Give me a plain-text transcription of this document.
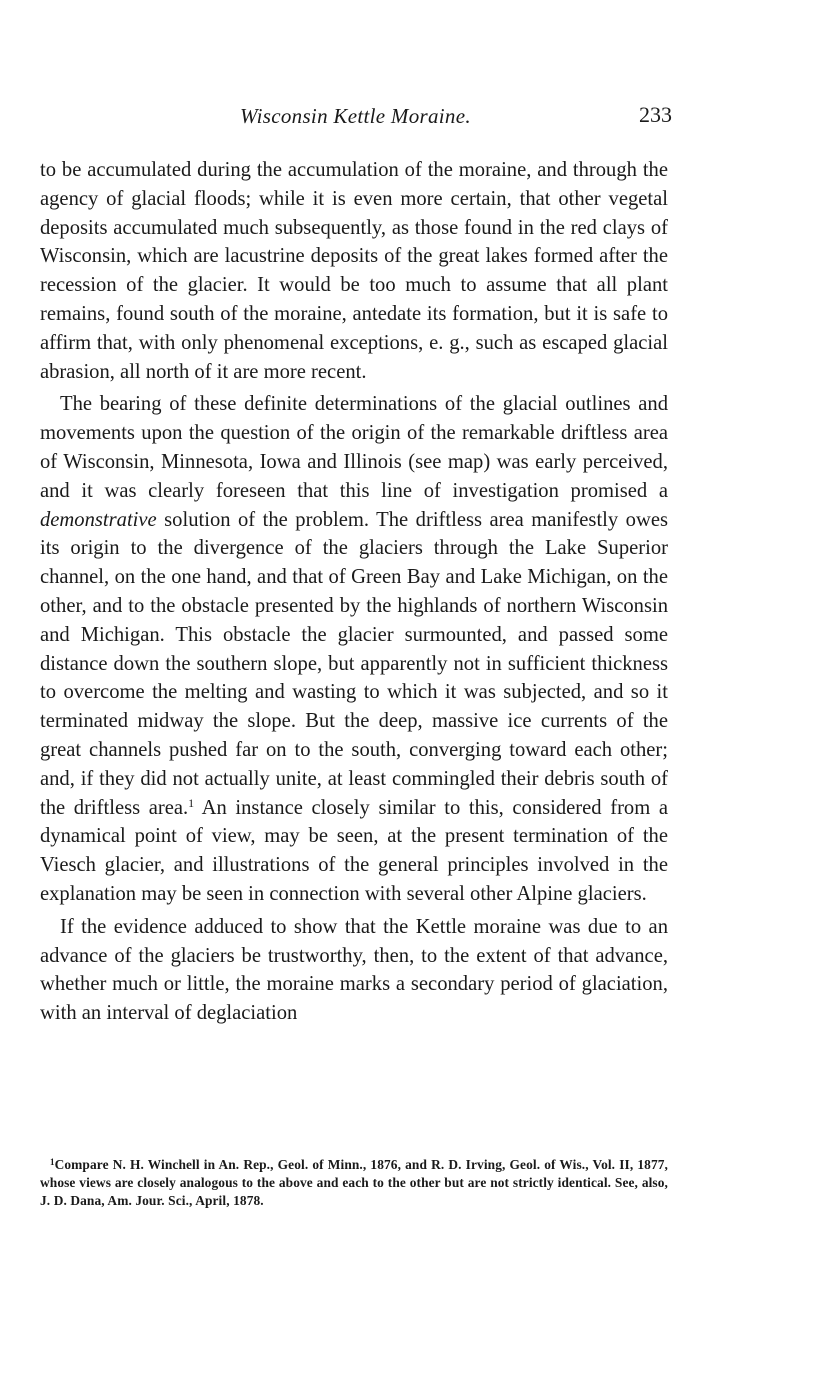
Wisconsin Kettle Moraine.	233

to be accumulated during the accumulation of the moraine, and through the agency of glacial floods; while it is even more certain, that other vegetal deposits accumulated much subsequently, as those found in the red clays of Wisconsin, which are lacustrine deposits of the great lakes formed after the recession of the glacier. It would be too much to assume that all plant remains, found south of the moraine, antedate its formation, but it is safe to affirm that, with only phenomenal exceptions, e. g., such as escaped glacial abrasion, all north of it are more recent.

The bearing of these definite determinations of the glacial outlines and movements upon the question of the origin of the remarkable driftless area of Wisconsin, Minnesota, Iowa and Illinois (see map) was early perceived, and it was clearly foreseen that this line of investigation promised a demonstrative solution of the problem. The driftless area manifestly owes its origin to the divergence of the glaciers through the Lake Superior channel, on the one hand, and that of Green Bay and Lake Michigan, on the other, and to the obstacle presented by the highlands of northern Wisconsin and Michigan. This obstacle the glacier surmounted, and passed some distance down the southern slope, but apparently not in sufficient thickness to overcome the melting and wasting to which it was subjected, and so it terminated midway the slope. But the deep, massive ice currents of the great channels pushed far on to the south, converging toward each other; and, if they did not actually unite, at least commingled their debris south of the driftless area.$^1$ An instance closely similar to this, considered from a dynamical point of view, may be seen, at the present termination of the Viesch glacier, and illustrations of the general principles involved in the explanation may be seen in connection with several other Alpine glaciers.

If the evidence adduced to show that the Kettle moraine was due to an advance of the glaciers be trustworthy, then, to the extent of that advance, whether much or little, the moraine marks a secondary period of glaciation, with an interval of deglaciation

$^1$Compare N. H. Winchell in An. Rep., Geol. of Minn., 1876, and R. D. Irving, Geol. of Wis., Vol. II, 1877, whose views are closely analogous to the above and each to the other but are not strictly identical. See, also, J. D. Dana, Am. Jour. Sci., April, 1878.
